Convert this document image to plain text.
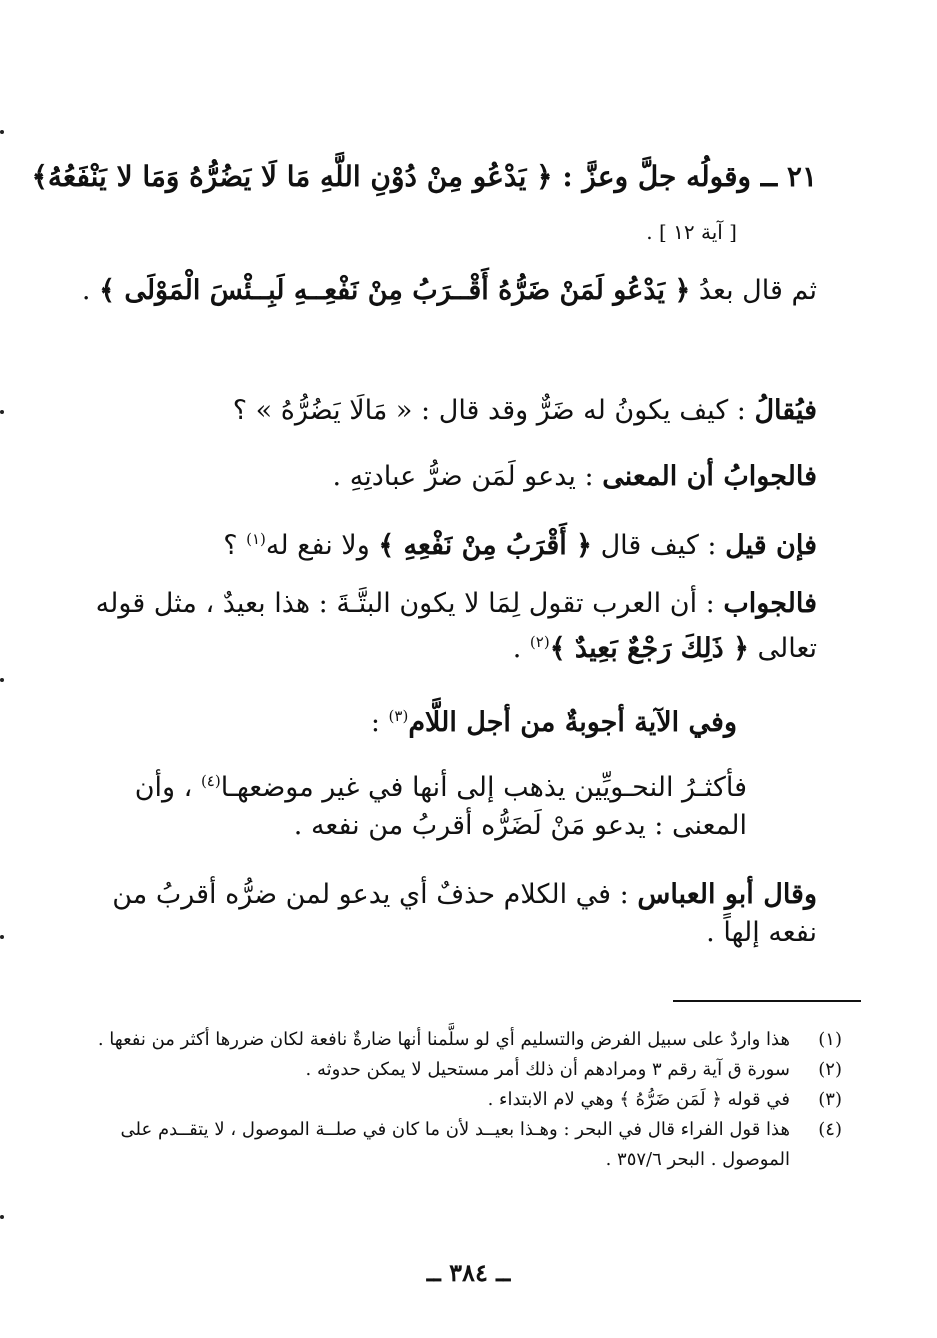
٢١ ــ وقولُه جلَّ وعزَّ : ﴿ يَدْعُو مِنْ دُوْنِ اللَّهِ مَا لَا يَضُرُّهُ وَمَا لا يَنْفَعُهُ﴾
[ آية ١٢ ] .
ثم قال بعدُ ﴿ يَدْعُو لَمَنْ ضَرُّهُ أَقْــرَبُ مِنْ نَفْعِــهِ لَبِــئْسَ الْمَوْلَى ﴾ .
فيُقالُ : كيف يكونُ له ضَرٌّ وقد قال : « مَالَا يَضُرُّهُ » ؟
فالجوابُ أن المعنى : يدعو لَمَن ضرُّ عبادتِهِ .
فإن قيل : كيف قال ﴿ أَقْرَبُ مِنْ نَفْعِهِ ﴾ ولا نفع له$^{(١)}$ ؟
فالجواب : أن العرب تقول لِمَا لا يكون البتَّـةَ : هذا بعيدٌ ، مثل قوله تعالى ﴿ ذَلِكَ رَجْعٌ بَعِيدٌ ﴾$^{(٢)}$ .
وفي الآية أجوبةٌ من أجل اللَّام$^{(٣)}$ :
فأكثـرُ النحـويِّين يذهب إلى أنها في غير موضعهـا$^{(٤)}$ ، وأن المعنى : يدعو مَنْ لَضَرُّه أقربُ من نفعه .
وقال أبو العباس : في الكلام حذفٌ أي يدعو لمن ضرُّه أقربُ من نفعه إلهاً .
(١)
هذا واردٌ على سبيل الفرض والتسليم أي لو سلَّمنا أنها ضارةٌ نافعة لكان ضررها أكثر من نفعها .
(٢)
سورة ق آية رقم ٣ ومرادهم أن ذلك أمر مستحيل لا يمكن حدوثه .
(٣)
في قوله ﴿ لَمَن ضَرُّهُ ﴾ وهي لام الابتداء .
(٤)
هذا قول الفراء قال في البحر : وهـذا بعيــد لأن ما كان في صلــة الموصول ، لا يتقــدم على الموصول . البحر ٣٥٧/٦ .
ــ ٣٨٤ ــ
